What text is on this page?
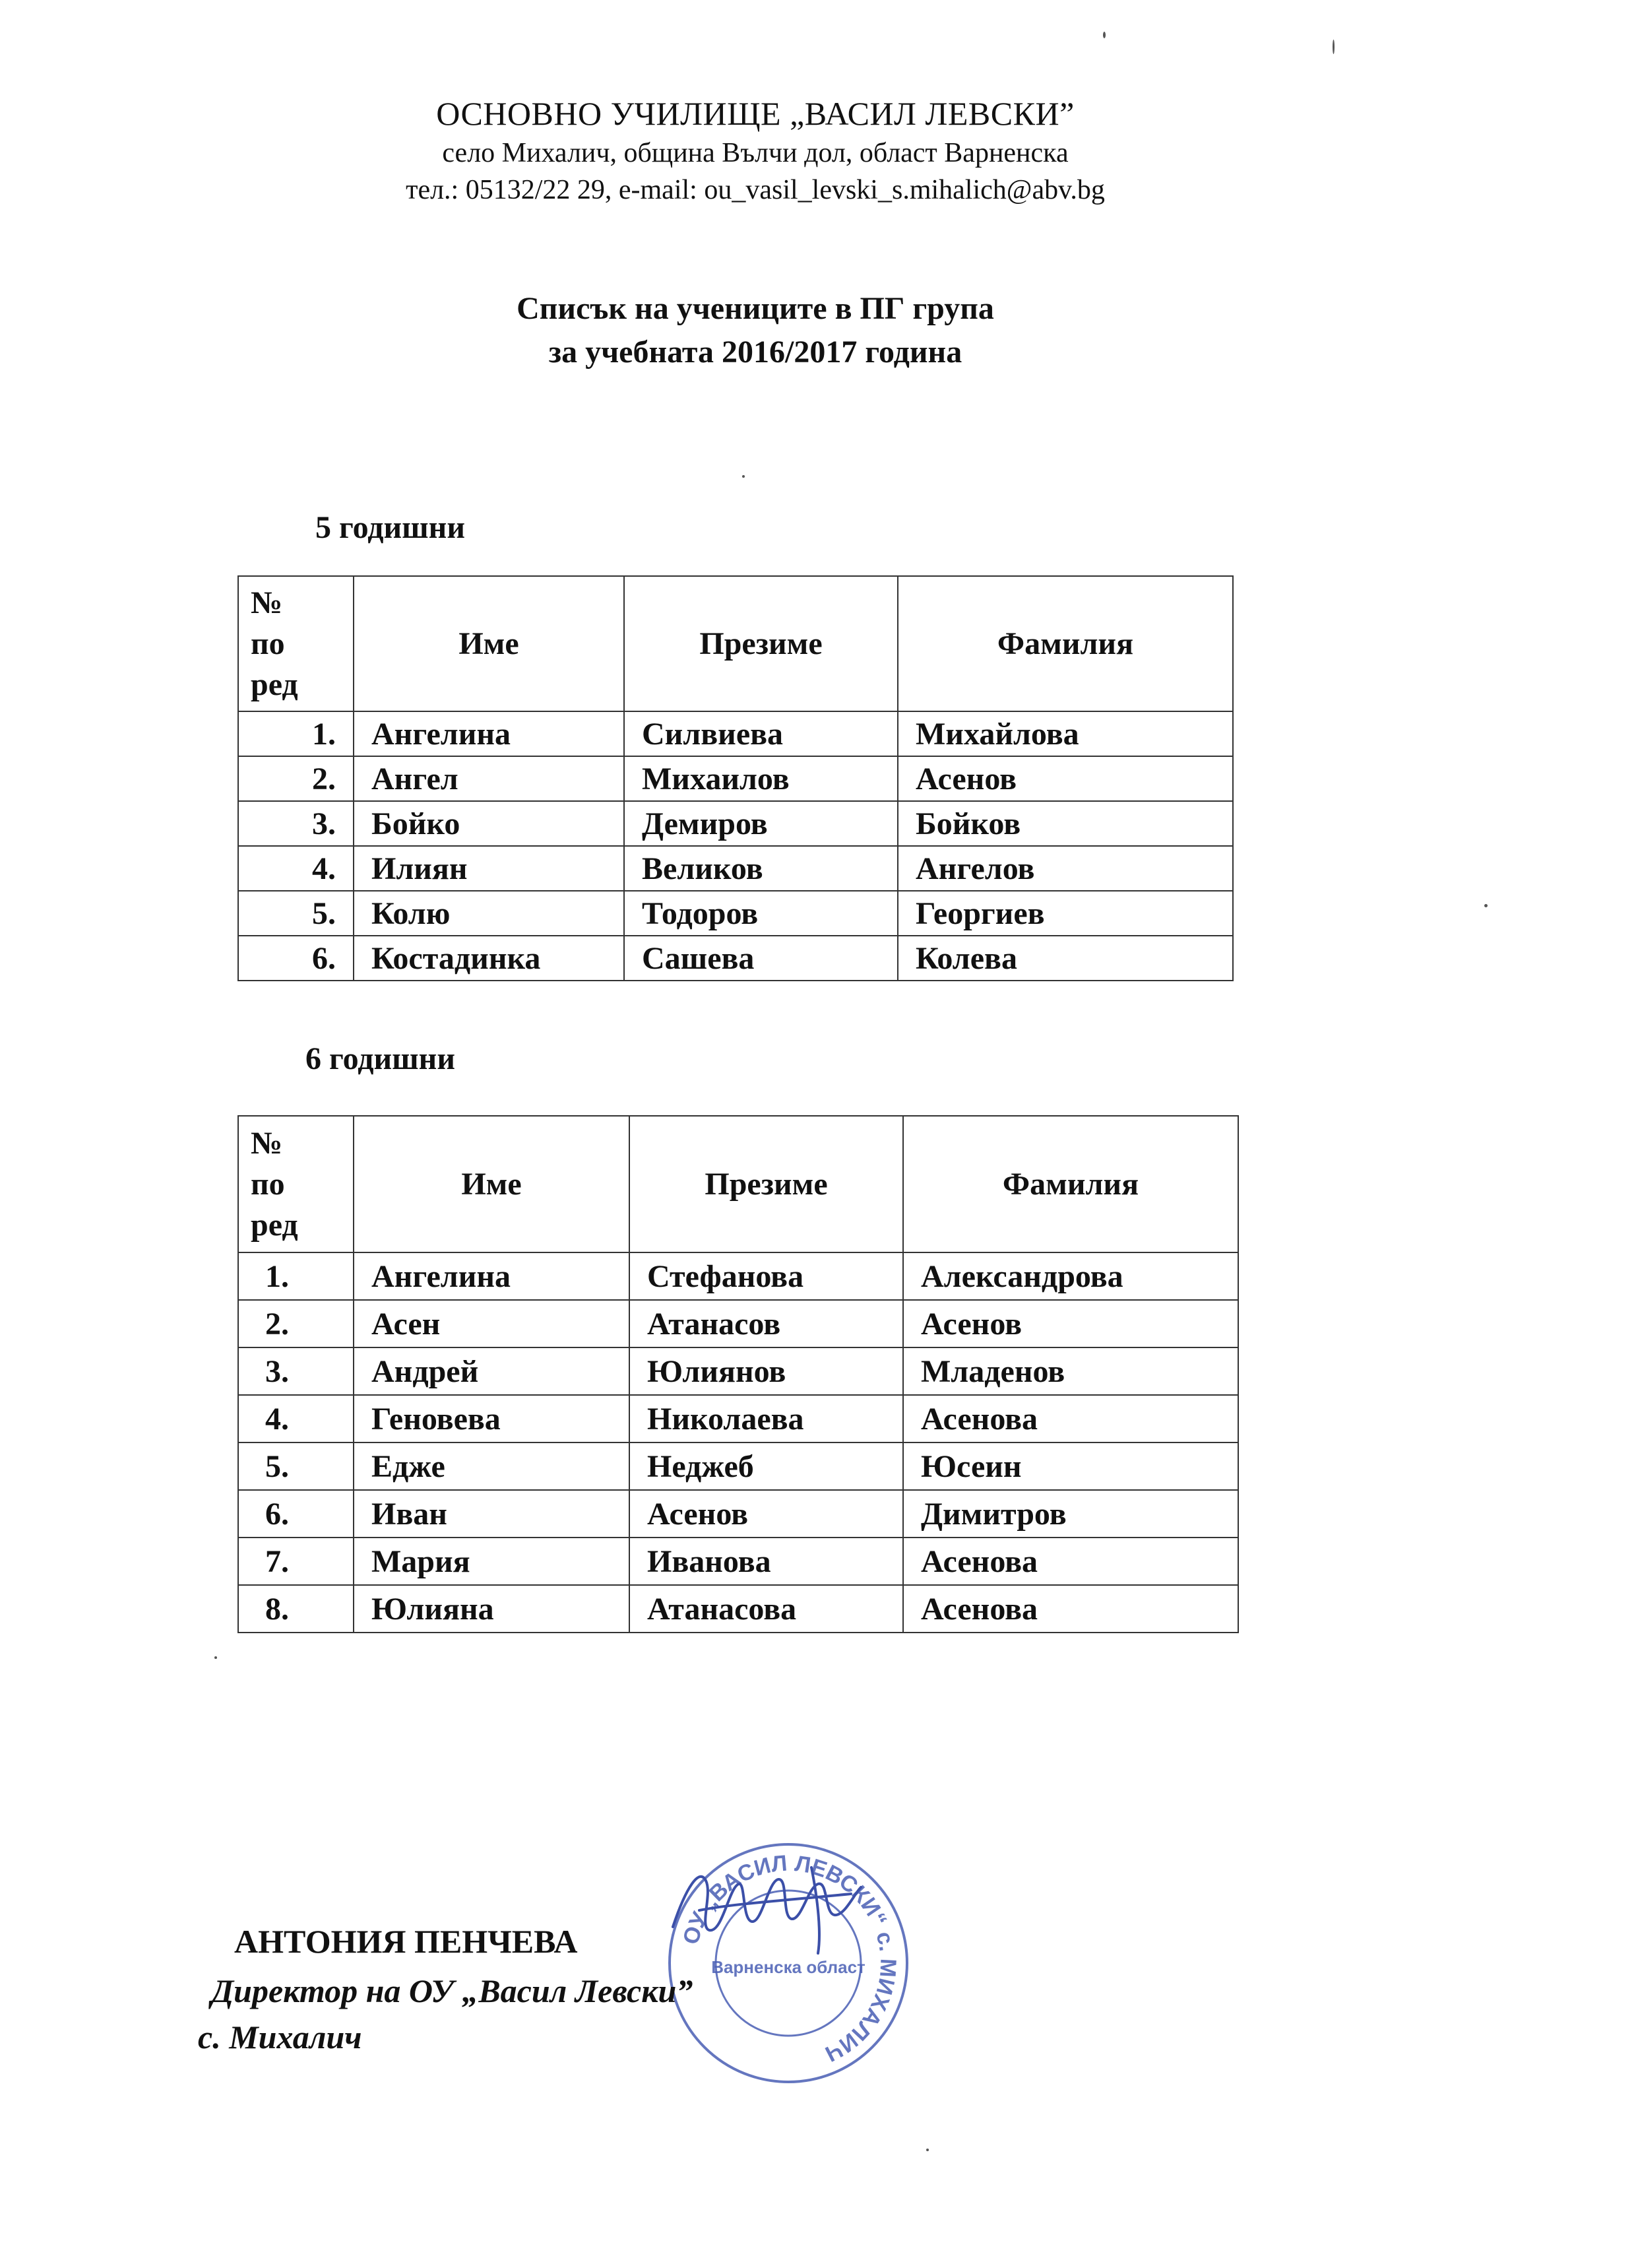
ОСНОВНО УЧИЛИЩЕ „ВАСИЛ ЛЕВСКИ”
село Михалич, община Вълчи дол, област Варненска
тел.: 05132/22 29, e-mail: ou_vasil_levski_s.mihalich@abv.bg
Списък на учениците в ПГ група
за учебната 2016/2017 година
5 годишни
№
по
ред	Име	Презиме	Фамилия
1.	Ангелина	Силвиева	Михайлова
2.	Ангел	Михаилов	Асенов
3.	Бойко	Демиров	Бойков
4.	Илиян	Великов	Ангелов
5.	Колю	Тодоров	Георгиев
6.	Костадинка	Сашева	Колева
6 годишни
№
по
ред	Име	Презиме	Фамилия
1.	Ангелина	Стефанова	Александрова
2.	Асен	Атанасов	Асенов
3.	Андрей	Юлиянов	Младенов
4.	Геновева	Николаева	Асенова
5.	Едже	Неджеб	Юсеин
6.	Иван	Асенов	Димитров
7.	Мария	Иванова	Асенова
8.	Юлияна	Атанасова	Асенова
ОУ „ВАСИЛ ЛЕВСКИ“ с. МИХАЛИЧ
Варненска област
АНТОНИЯ ПЕНЧЕВА
Директор на ОУ „Васил Левски”
с. Михалич
